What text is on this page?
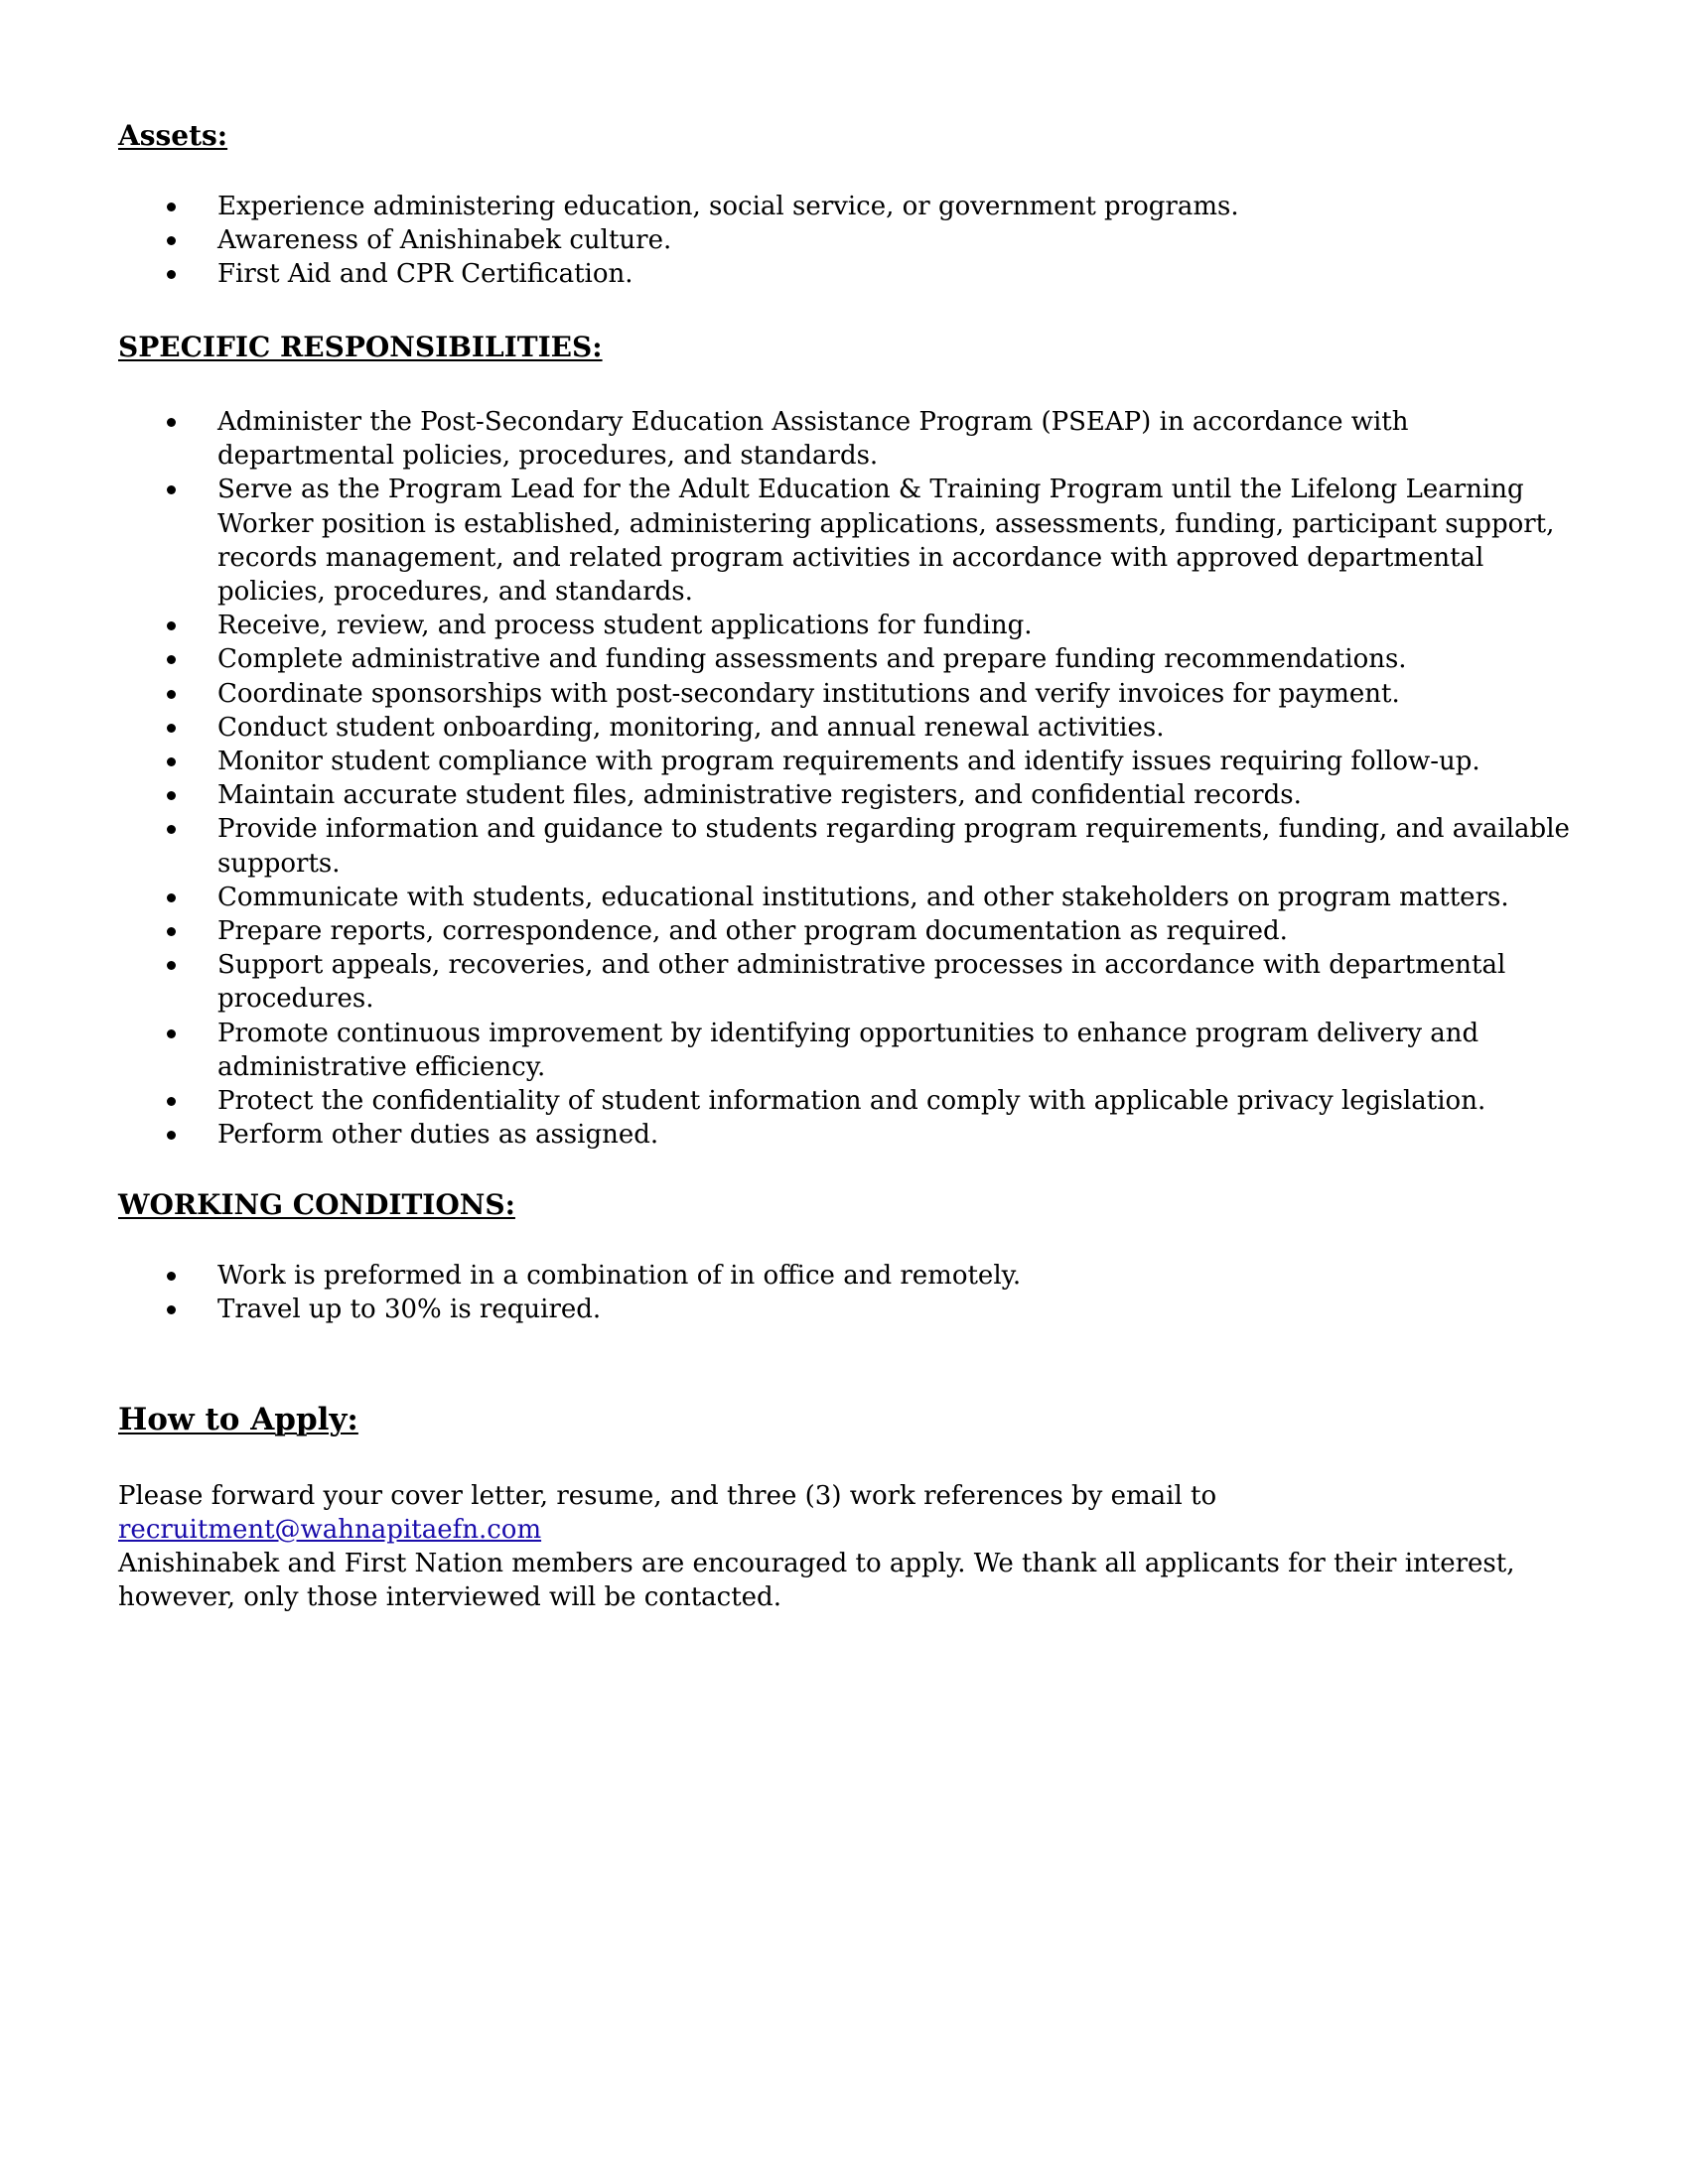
Assets:
Experience administering education, social service, or government programs.
Awareness of Anishinabek culture.
First Aid and CPR Certification.
SPECIFIC RESPONSIBILITIES:
Administer the Post-Secondary Education Assistance Program (PSEAP) in accordance with departmental policies, procedures, and standards.
Serve as the Program Lead for the Adult Education & Training Program until the Lifelong Learning Worker position is established, administering applications, assessments, funding, participant support, records management, and related program activities in accordance with approved departmental policies, procedures, and standards.
Receive, review, and process student applications for funding.
Complete administrative and funding assessments and prepare funding recommendations.
Coordinate sponsorships with post-secondary institutions and verify invoices for payment.
Conduct student onboarding, monitoring, and annual renewal activities.
Monitor student compliance with program requirements and identify issues requiring follow-up.
Maintain accurate student files, administrative registers, and confidential records.
Provide information and guidance to students regarding program requirements, funding, and available supports.
Communicate with students, educational institutions, and other stakeholders on program matters.
Prepare reports, correspondence, and other program documentation as required.
Support appeals, recoveries, and other administrative processes in accordance with departmental procedures.
Promote continuous improvement by identifying opportunities to enhance program delivery and administrative efficiency.
Protect the confidentiality of student information and comply with applicable privacy legislation.
Perform other duties as assigned.
WORKING CONDITIONS:
Work is preformed in a combination of in office and remotely.
Travel up to 30% is required.
How to Apply:

Please forward your cover letter, resume, and three (3) work references by email to recruitment@wahnapitaefn.com

Anishinabek and First Nation members are encouraged to apply. We thank all applicants for their interest, however, only those interviewed will be contacted.
